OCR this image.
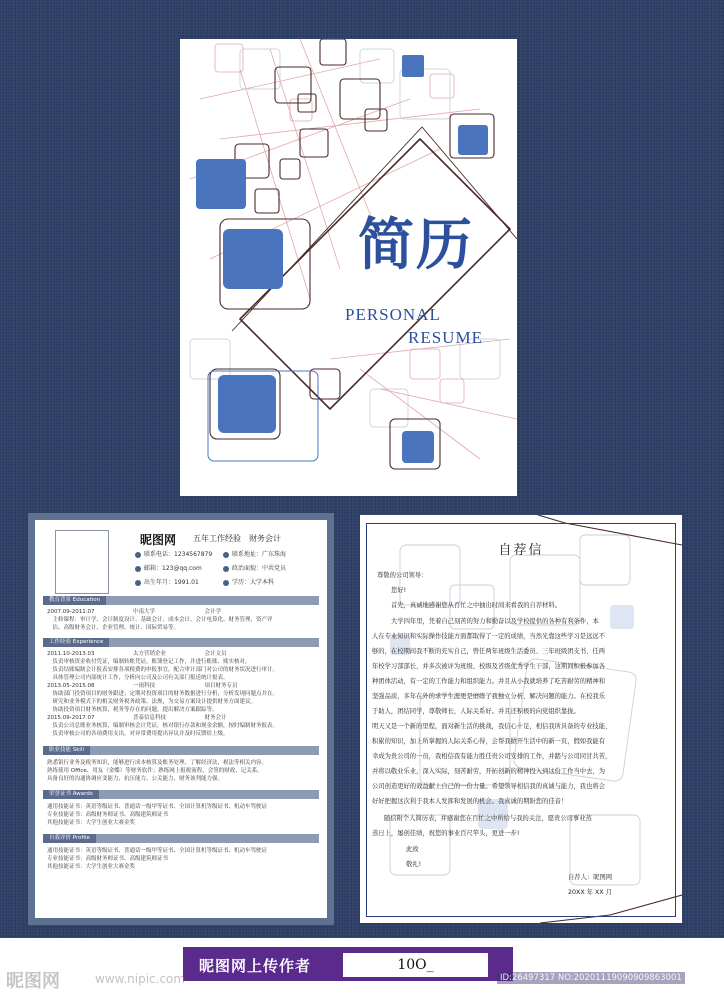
简历
PERSONAL
RESUME
昵图网 五年工作经验　财务会计
联系电话：1234567879	联系地址：广东珠海
邮箱：123@qq.com	政治面貌：中共党员
出生年月：1991.01	学历：大学本科
教育背景 Education
2007.09-2011.07　　　　　　　中南大学　　　　　　　　　会计学
　主修课程：审计学、会计制度设计、基础会计、成本会计、会计电算化、财务管理、资产评
　估、高级财务会计、企业管理、统计、国际贸易等。
工作经验 Experience
2011.10-2013.03　　　　　　　太方营销企业　　　　　　　会计文员
　负责审核资金收付凭证，编制转账凭证，账簿登记工作，并进行账账、账实核对。
　负责结账编制会计报表安排各项税费的申报事宜，配合审计部门对公司的财务状况进行审计。
　具体管理公司内部统计工作，分析向公司及公司有关部门报送统计报表。
2013.05-2015.08　　　　　　　一雨科技　　　　　　　　　项目财务专员
　协助部门投资项目的财务跟进；定期对投资项目的财务数据进行分析，分析发现问题点并在。
　研究和业务模式下的相关财务税务政策、法规，为交易方案设计提供财务方面建议。
　协助投资项目财务核算，税务等存在的问题，提出解决方案跟踪等。
2015.09-2017.07　　　　　　　普泰信息科技　　　　　　　财务会计
　负责公司总账业务核算，编制审核会计凭证，核对银行存款和现金余额，按时编制财务报表。
　负责审核公司的各项费用支出，对异常费用提出异议并及时反馈给上级。
职业技能 Skill
熟悉银行业务及税务知识，能够进行成本核算及账务处理。了解经济法，税法等相关内容。
熟练使用 Office、用友（金蝶）等财务软件；熟练网上报税流程，会签的财政、记关系。
具备良好的沟通协调应变能力，抗压能力、公关能力，财务该判能力强。
荣誉证书 Awards
通用技能证书：英语等级证书、普通话一级甲等证书、全国计算机等级证书、机动车驾驶证
专业技能证书：高级财务师证书、高级建筑师证书
其他技能证书：大学生创业大赛金奖
自我评价 Profile
通用技能证书：英语等级证书、普通话一级甲等证书、全国计算机等级证书、机动车驾驶证
专业技能证书：高级财务师证书、高级建筑师证书
其他技能证书：大学生创业大赛金奖
自荐信
尊敬的公司领导：
您好!
首先，真诚地感谢您从百忙之中抽出时间来看我的自荐材料。
大学四年里，凭着自己刻苦的努力和勤奋以及学校提供的各种有利条件，本
人在专业知识和实际操作技能方面都取得了一定的成绩，当然光靠这些学习是远远不
够的，在校期间我不断的充实自己，曾任两年班级生活委员、三年班级团支书、任两
年校学习部部长，并多次被评为班级、校级及省级优秀学生干部，这期间积极参加各
种团体活动，有一定的工作能力和组织能力。并且从小我就培养了吃苦耐劳的精神和
坚强品质，多年在外的求学生涯更是磨练了我独立分析、解决问题的能力。在校我乐
于助人，团结同学，尊敬师长，人际关系好。并且还积极的向党组织靠拢。
明天又是一个新的里程，面对新生活的挑战，我信心十足，相信我所具备的专业技能、
积累的知识，加上所掌握的人际关系心得，会帮我掀开生活中的新一页，假如我能有
幸成为贵公司的一员，我相信我有能力胜任贵公司安排的工作，并踏与公司同甘共苦，
并将以敬业乐业，深入实际，刻苦耐劳，开拓创新的精神投入到这份工作当中去，为
公司创造更好的效益献上自己的一份力量。希望领导相信我的真诚与能力，我也将会
好好把握这次利于我本人发挥和发展的机会。我真诚的期盼您的佳音！
随信附个人简历表，并感谢您在百忙之中所给与我的关注，愿贵公司事业蒸
蒸日上，屡创佳绩，祝您的事业百尺竿头，更进一步!
此致
敬礼!
自荐人：昵图网
20XX 年 XX 月
昵图网上传作者	10O_
昵图网	www.nipic.com	ID:26497317 NO:20201119090909863001
